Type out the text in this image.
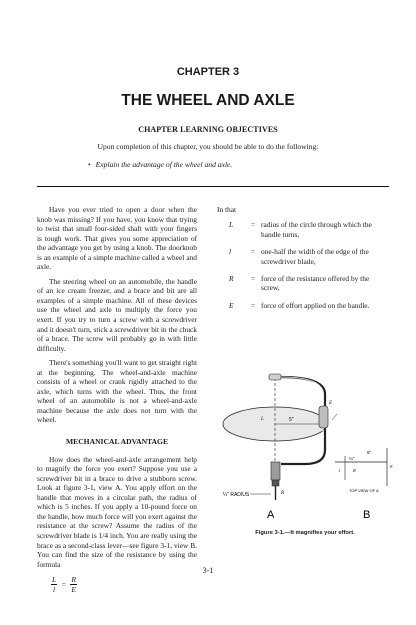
CHAPTER 3
THE WHEEL AND AXLE
CHAPTER LEARNING OBJECTIVES
Upon completion of this chapter, you should be able to do the following:
• Explain the advantage of the wheel and axle.

Have you ever tried to open a door when the knob was missing? If you have, you know that trying to twist that small four-sided shaft with your fingers is tough work. That gives you some appreciation of the advantage you get by using a knob. The doorknob is an example of a simple machine called a wheel and axle.

The steering wheel on an automobile, the handle of an ice cream freezer, and a brace and bit are all examples of a simple machine. All of these devices use the wheel and axle to multiply the force you exert. If you try to turn a screw with a screwdriver and it doesn't turn, stick a screwdriver bit in the chuck of a brace. The screw will probably go in with little difficulty.

There's something you'll want to get straight right at the beginning. The wheel-and-axle machine consists of a wheel or crank rigidly attached to the axle, which turns with the wheel. Thus, the front wheel of an automobile is not a wheel-and-axle machine because the axle does not turn with the wheel.

MECHANICAL ADVANTAGE

How does the wheel-and-axle arrangement help to magnify the force you exert? Suppose you use a screwdriver bit in a brace to drive a stubborn screw. Look at figure 3-1, view A. You apply effort on the handle that moves in a circular path, the radius of which is 5 inches. If you apply a 10-pound force on the handle, how much force will you exert against the resistance at the screw? Assume the radius of the screwdriver blade is 1/4 inch. You are really using the brace as a second-class lever—see figure 3-1, view B. You can find the size of the resistance by using the formula

$\frac{L}{l} = \frac{R}{E}$
In that
L	= radius of the circle through which the handle turns,
l	= one-half the width of the edge of the screwdriver blade,
R	= force of the resistance offered by the screw,
E	= force of effort applied on the handle.
5"
L
E
R
¼" RADIUS
A
5"
¼"
E
R
l
TOP VIEW OF A
B
Figure 3-1.—It magnifies your effort.
3-1
